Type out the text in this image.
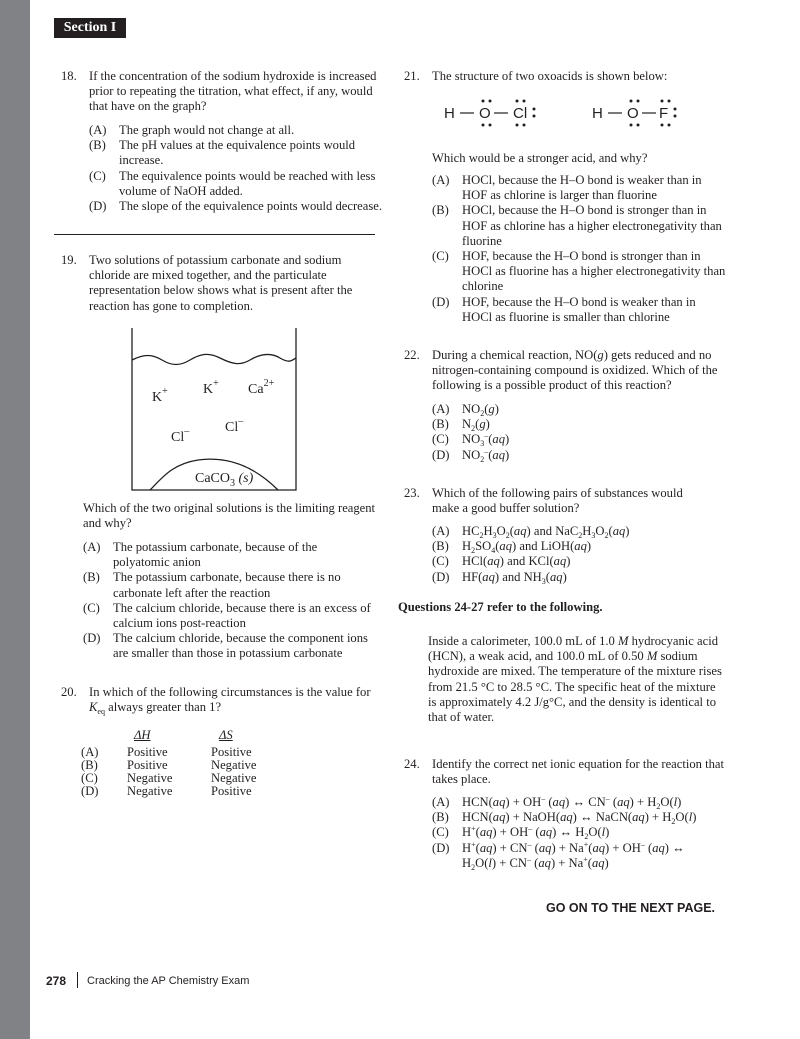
Section I
18. If the concentration of the sodium hydroxide is increased prior to repeating the titration, what effect, if any, would that have on the graph?
(A) The graph would not change at all.
(B) The pH values at the equivalence points would increase.
(C) The equivalence points would be reached with less volume of NaOH added.
(D) The slope of the equivalence points would decrease.
19. Two solutions of potassium carbonate and sodium chloride are mixed together, and the particulate representation below shows what is present after the reaction has gone to completion.
K+	K+ $Ca^{2+}$
Cl–	Cl–
CaCO$_3$ (s)
Which of the two original solutions is the limiting reagent and why?
(A) The potassium carbonate, because of the polyatomic anion
(B) The potassium carbonate, because there is no carbonate left after the reaction
(C) The calcium chloride, because there is an excess of calcium ions post-reaction
(D) The calcium chloride, because the component ions are smaller than those in potassium carbonate
20. In which of the following circumstances is the value for
$K_{eq}$ always greater than 1?
ΔH	ΔS
(A) Positive	Positive
(B) Positive	Negative
(C) Negative	Negative
(D) Negative	Positive
21. The structure of two oxoacids is shown below:
H O Cl	H O F
Which would be a stronger acid, and why?
(A) HOCl, because the H–O bond is weaker than in HOF as chlorine is larger than fluorine
(B) HOCl, because the H–O bond is stronger than in HOF as chlorine has a higher electronegativity than fluorine
(C) HOF, because the H–O bond is stronger than in HOCl as fluorine has a higher electronegativity than chlorine
(D) HOF, because the H–O bond is weaker than in HOCl as fluorine is smaller than chlorine
22. During a chemical reaction, NO(g) gets reduced and no nitrogen-containing compound is oxidized. Which of the following is a possible product of this reaction?
(A) $NO_2(g)$
(B) $N_2(g)$
(C) $NO_3^-(aq)$
(D) $NO_2^-(aq)$
23. Which of the following pairs of substances would make a good buffer solution?
(A) $HC_2H_3O_2(aq)$ and $NaC_2H_3O_2(aq)$
(B) $H_2SO_4(aq)$ and LiOH(aq)
(C) HCl(aq) and KCl(aq)
(D) HF(aq) and $NH_3(aq)$
Questions 24-27 refer to the following.
Inside a calorimeter, 100.0 mL of 1.0 M hydrocyanic acid (HCN), a weak acid, and 100.0 mL of 0.50 M sodium hydroxide are mixed. The temperature of the mixture rises from 21.5 °C to 28.5 °C. The specific heat of the mixture is approximately 4.2 J/g°C, and the density is identical to that of water.
24. Identify the correct net ionic equation for the reaction that takes place.
(A) HCN(aq) + OH– (aq) ↔ CN– $(aq) + H_2O(l)$
(B) HCN(aq) + NaOH(aq) ↔ NaCN(aq) + $H_2O(l)$
(C) H+(aq) + OH– (aq) ↔ $H_2O(l)$
(D) H+(aq) + CN– (aq) + Na+(aq) + OH– (aq) ↔
$H_2O(l) + CN^-$ (aq) + Na+(aq)
GO ON TO THE NEXT PAGE.
278 Cracking the AP Chemistry Exam
